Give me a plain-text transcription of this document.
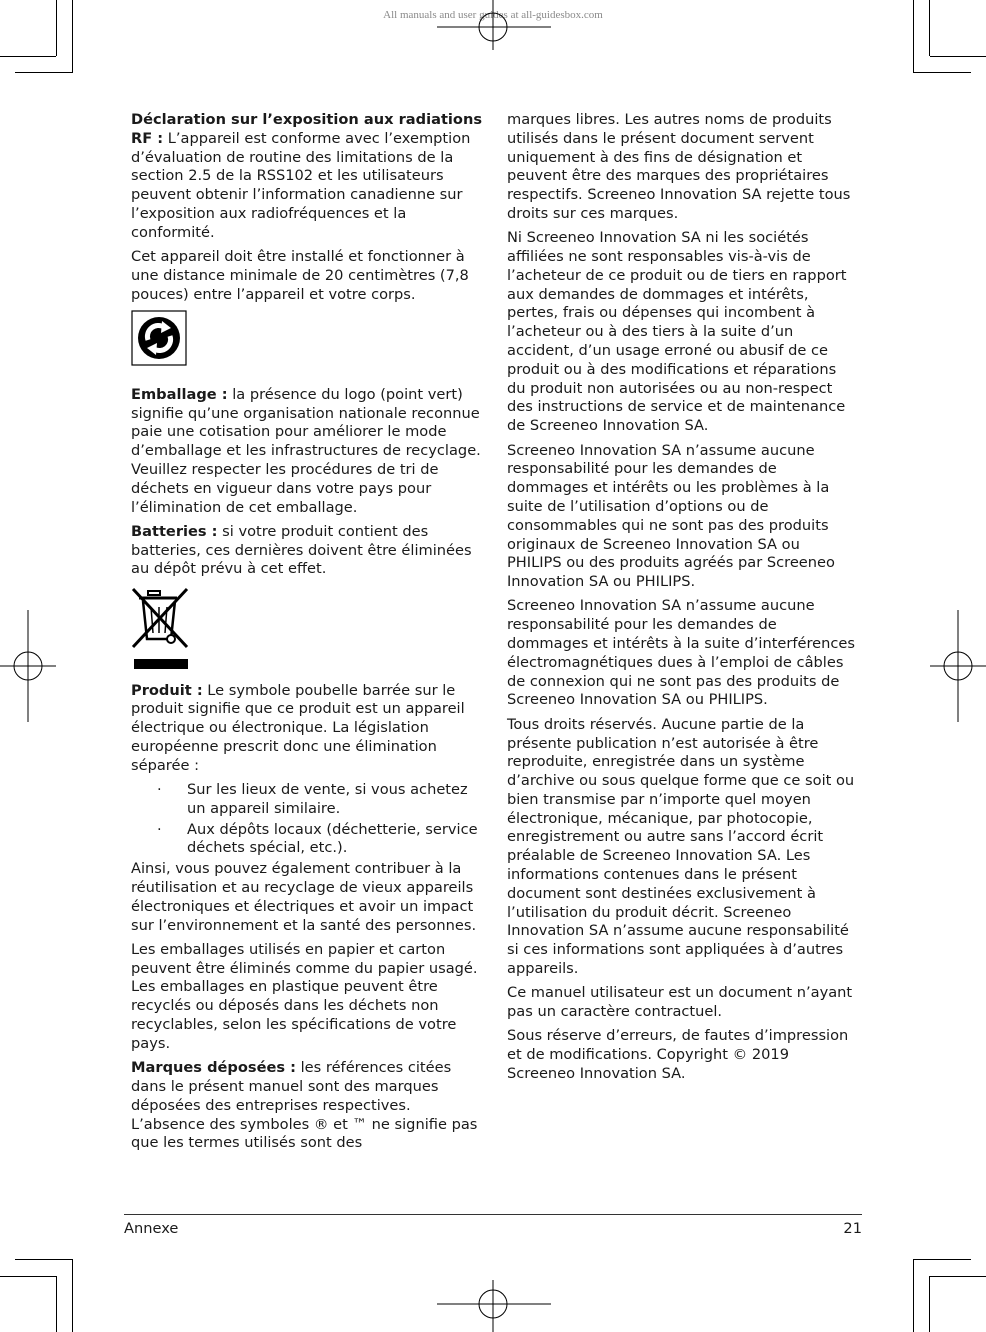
All manuals and user guides at all-guidesbox.com

Déclaration sur l’exposition aux radiations RF : L’appareil est conforme avec l’exemption d’évaluation de routine des limitations de la section 2.5 de la RSS102 et les utilisateurs peuvent obtenir l’information canadienne sur l’exposition aux radiofréquences et la conformité.

Cet appareil doit être installé et fonctionner à une distance minimale de 20 centimètres (7,8 pouces) entre l’appareil et votre corps.

Emballage : la présence du logo (point vert) signifie qu’une organisation nationale reconnue paie une cotisation pour améliorer le mode d’emballage et les infrastructures de recyclage. Veuillez respecter les procédures de tri de déchets en vigueur dans votre pays pour l’élimination de cet emballage.

Batteries : si votre produit contient des batteries, ces dernières doivent être éliminées au dépôt prévu à cet effet.

Produit : Le symbole poubelle barrée sur le produit signifie que ce produit est un appareil électrique ou électronique. La législation européenne prescrit donc une élimination séparée :

· Sur les lieux de vente, si vous achetez un appareil similaire.
· Aux dépôts locaux (déchetterie, service déchets spécial, etc.).

Ainsi, vous pouvez également contribuer à la réutilisation et au recyclage de vieux appareils électroniques et électriques et avoir un impact sur l’environnement et la santé des personnes.

Les emballages utilisés en papier et carton peuvent être éliminés comme du papier usagé. Les emballages en plastique peuvent être recyclés ou déposés dans les déchets non recyclables, selon les spécifications de votre pays.

Marques déposées : les références citées dans le présent manuel sont des marques déposées des entreprises respectives. L’absence des symboles ® et ™ ne signifie pas que les termes utilisés sont des

marques libres. Les autres noms de produits utilisés dans le présent document servent uniquement à des fins de désignation et peuvent être des marques des propriétaires respectifs. Screeneo Innovation SA rejette tous droits sur ces marques.

Ni Screeneo Innovation SA ni les sociétés affiliées ne sont responsables vis-à-vis de l’acheteur de ce produit ou de tiers en rapport aux demandes de dommages et intérêts, pertes, frais ou dépenses qui incombent à l’acheteur ou à des tiers à la suite d’un accident, d’un usage erroné ou abusif de ce produit ou à des modifications et réparations du produit non autorisées ou au non-respect des instructions de service et de maintenance de Screeneo Innovation SA.

Screeneo Innovation SA n’assume aucune responsabilité pour les demandes de dommages et intérêts ou les problèmes à la suite de l’utilisation d’options ou de consommables qui ne sont pas des produits originaux de Screeneo Innovation SA ou PHILIPS ou des produits agréés par Screeneo Innovation SA ou PHILIPS.

Screeneo Innovation SA n’assume aucune responsabilité pour les demandes de dommages et intérêts à la suite d’interférences électromagnétiques dues à l’emploi de câbles de connexion qui ne sont pas des produits de Screeneo Innovation SA ou PHILIPS.

Tous droits réservés. Aucune partie de la présente publication n’est autorisée à être reproduite, enregistrée dans un système d’archive ou sous quelque forme que ce soit ou bien transmise par n’importe quel moyen électronique, mécanique, par photocopie, enregistrement ou autre sans l’accord écrit préalable de Screeneo Innovation SA. Les informations contenues dans le présent document sont destinées exclusivement à l’utilisation du produit décrit. Screeneo Innovation SA n’assume aucune responsabilité si ces informations sont appliquées à d’autres appareils.

Ce manuel utilisateur est un document n’ayant pas un caractère contractuel.

Sous réserve d’erreurs, de fautes d’impression et de modifications. Copyright © 2019 Screeneo Innovation SA.

Annexe	21
